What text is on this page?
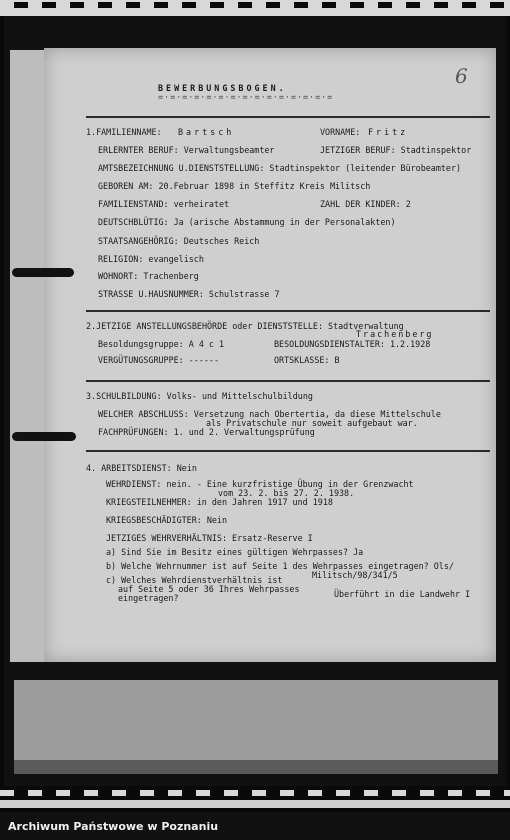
6
BEWERBUNGSBOGEN.
=·=·=·=·=·=·=·=·=·=·=·=·=·=·=
1.FAMILIENNAME: Bartsch	VORNAME: Fritz
ERLERNTER BERUF: Verwaltungsbeamter	JETZIGER BERUF: Stadtinspektor
AMTSBEZEICHNUNG U.DIENSTSTELLUNG: Stadtinspektor (leitender Bürobeamter)
GEBOREN AM: 20.Februar 1898 in Steffitz Kreis Militsch
FAMILIENSTAND: verheiratet	ZAHL DER KINDER: 2
DEUTSCHBLÜTIG: Ja (arische Abstammung in der Personalakten)
STAATSANGEHÖRIG: Deutsches Reich
RELIGION: evangelisch
WOHNORT: Trachenberg
STRASSE U.HAUSNUMMER: Schulstrasse 7
2.JETZIGE ANSTELLUNGSBEHÖRDE oder DIENSTSTELLE: Stadtverwaltung
Trachenberg
Besoldungsgruppe: A 4 c 1	BESOLDUNGSDIENSTALTER: 1.2.1928
VERGÜTUNGSGRUPPE: ------	ORTSKLASSE: B
3.SCHULBILDUNG: Volks- und Mittelschulbildung
WELCHER ABSCHLUSS: Versetzung nach Obertertia, da diese Mittelschule
als Privatschule nur soweit aufgebaut war.
FACHPRÜFUNGEN: 1. und 2. Verwaltungsprüfung
4. ARBEITSDIENST: Nein
WEHRDIENST: nein. - Eine kurzfristige Übung in der Grenzwacht
vom 23. 2. bis 27. 2. 1938.
KRIEGSTEILNEHMER: in den Jahren 1917 und 1918
KRIEGSBESCHÄDIGTER: Nein
JETZIGES WEHRVERHÄLTNIS: Ersatz-Reserve I
a) Sind Sie im Besitz eines gültigen Wehrpasses? Ja
b) Welche Wehrnummer ist auf Seite 1 des Wehrpasses eingetragen? Ols/
Militsch/98/341/5
c) Welches Wehrdienstverhältnis ist
auf Seite 5 oder 36 Ihres Wehrpasses
eingetragen?	Überführt in die Landwehr I
Archiwum Państwowe w Poznaniu
